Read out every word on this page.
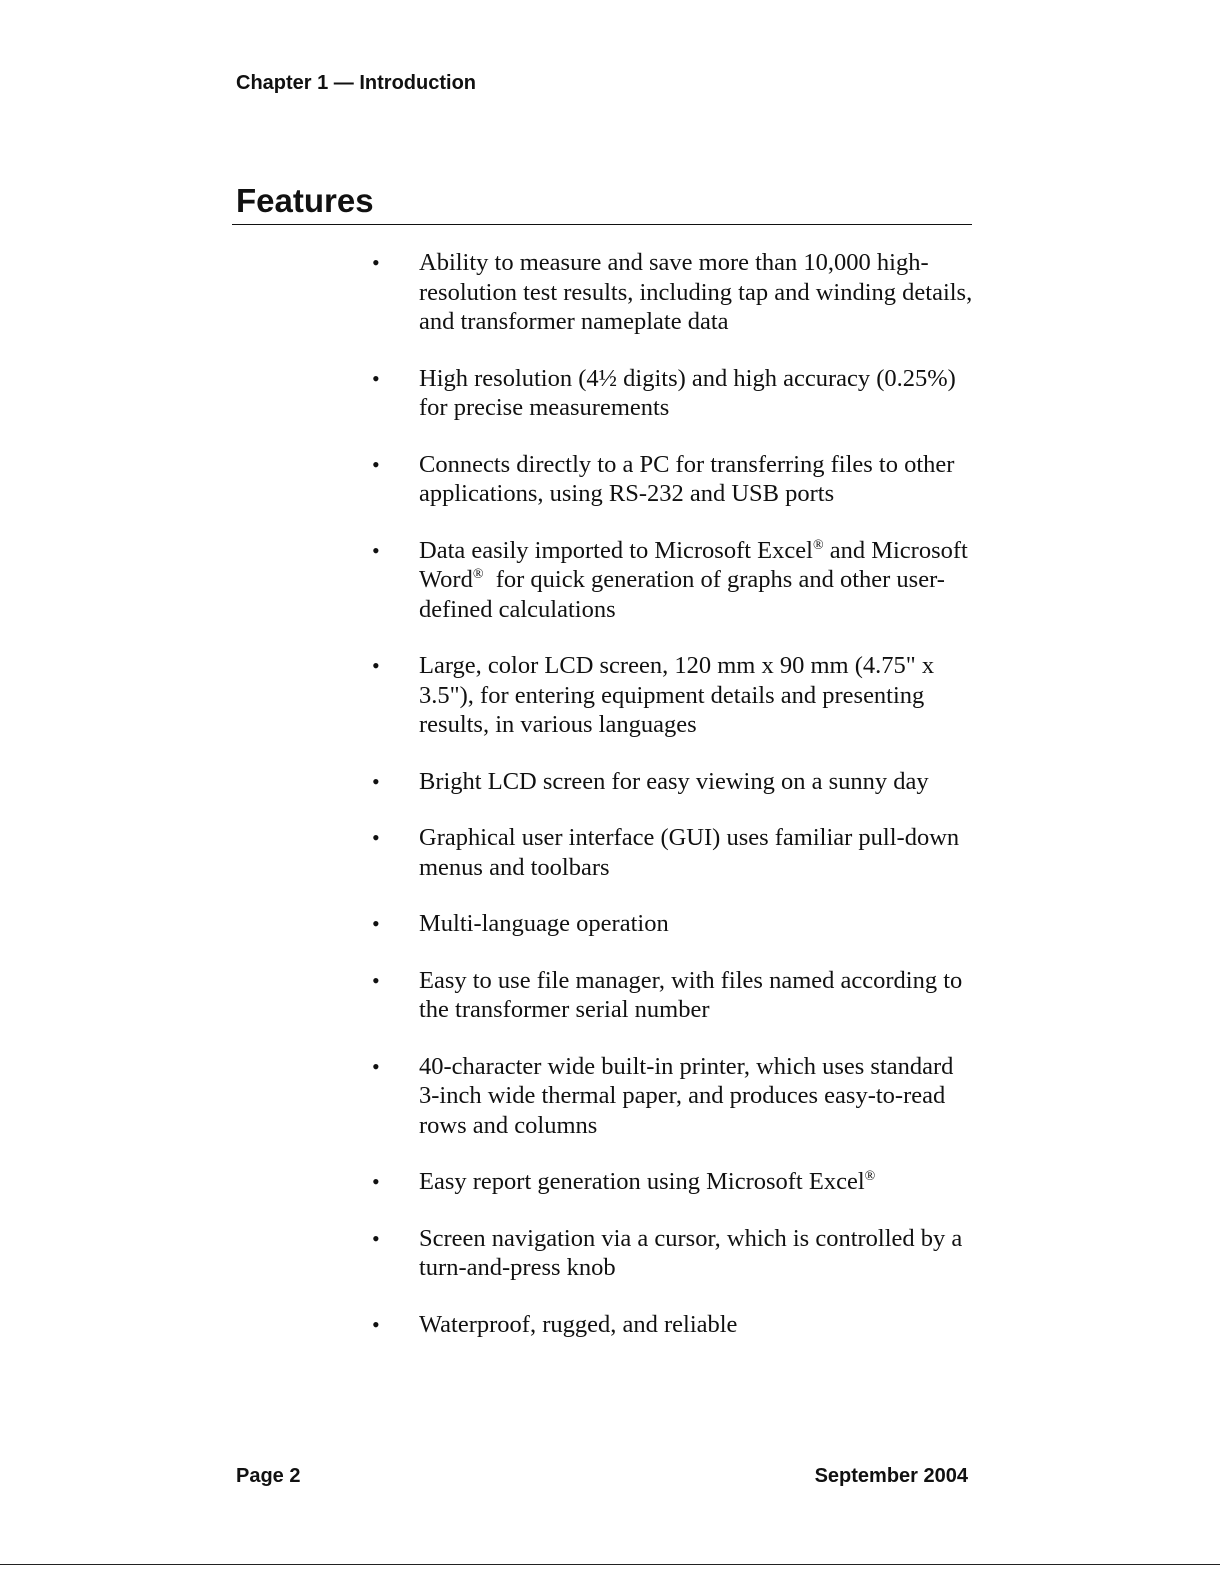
Chapter 1 — Introduction
Features
• Ability to measure and save more than 10,000 high-resolution test results, including tap and winding details, and transformer nameplate data
• High resolution (4½ digits) and high accuracy (0.25%) for precise measurements
• Connects directly to a PC for transferring files to other applications, using RS-232 and USB ports
• Data easily imported to Microsoft Excel® and Microsoft Word®  for quick generation of graphs and other user-defined calculations
• Large, color LCD screen, 120 mm x 90 mm (4.75" x 3.5"), for entering equipment details and presenting results, in various languages
• Bright LCD screen for easy viewing on a sunny day
• Graphical user interface (GUI) uses familiar pull-down menus and toolbars
• Multi-language operation
• Easy to use file manager, with files named according to the transformer serial number
• 40-character wide built-in printer, which uses standard 3-inch wide thermal paper, and produces easy-to-read rows and columns
• Easy report generation using Microsoft Excel®
• Screen navigation via a cursor, which is controlled by a turn-and-press knob
• Waterproof, rugged, and reliable
Page 2	September 2004
